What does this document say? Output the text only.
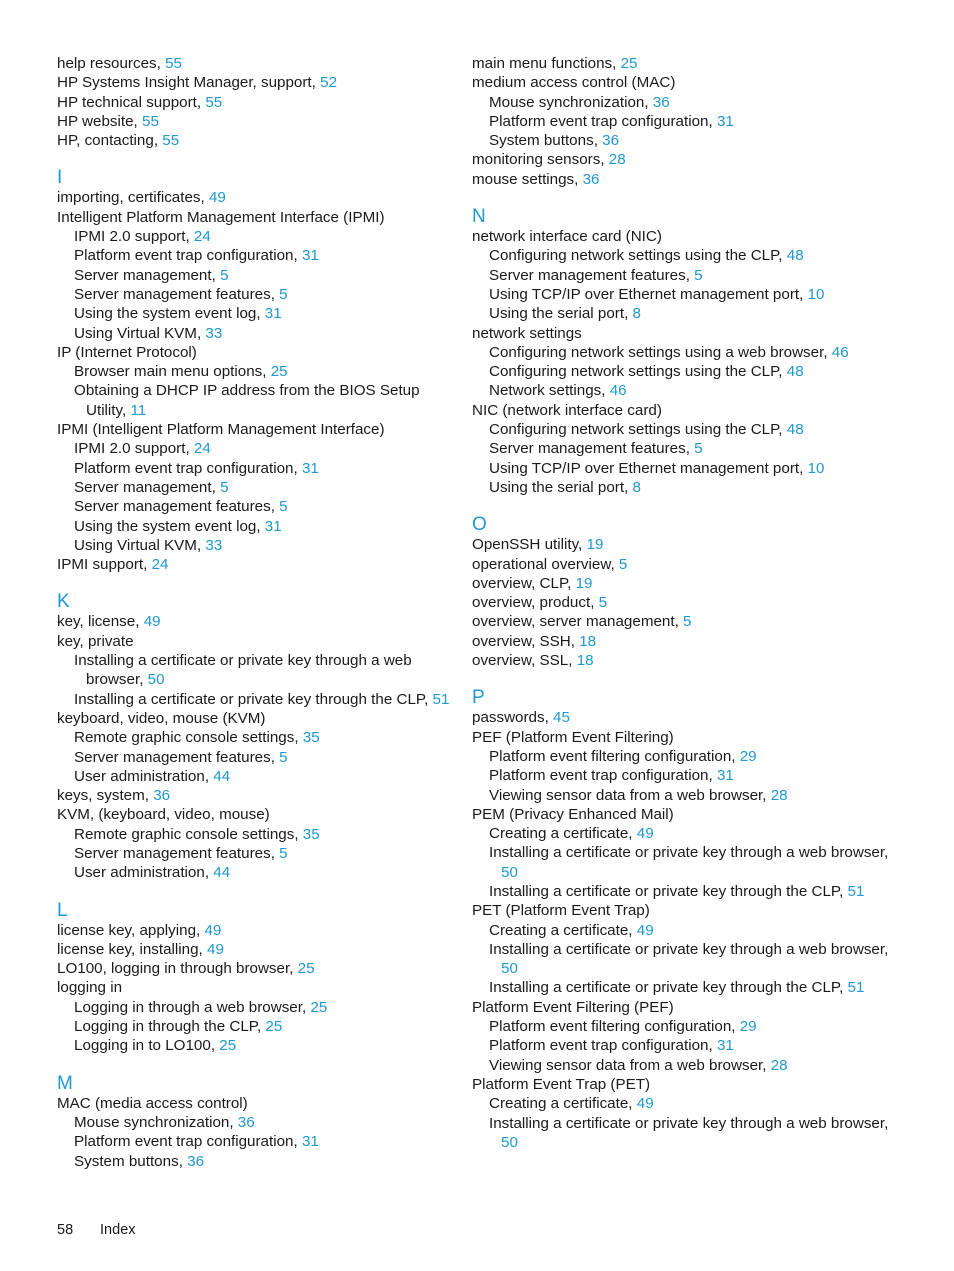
help resources, 55
HP Systems Insight Manager, support, 52
HP technical support, 55
HP website, 55
HP, contacting, 55
I
importing, certificates, 49
Intelligent Platform Management Interface (IPMI)
IPMI 2.0 support, 24
Platform event trap configuration, 31
Server management, 5
Server management features, 5
Using the system event log, 31
Using Virtual KVM, 33
IP (Internet Protocol)
Browser main menu options, 25
Obtaining a DHCP IP address from the BIOS Setup Utility, 11
IPMI (Intelligent Platform Management Interface)
IPMI 2.0 support, 24
Platform event trap configuration, 31
Server management, 5
Server management features, 5
Using the system event log, 31
Using Virtual KVM, 33
IPMI support, 24
K
key, license, 49
key, private
Installing a certificate or private key through a web browser, 50
Installing a certificate or private key through the CLP, 51
keyboard, video, mouse (KVM)
Remote graphic console settings, 35
Server management features, 5
User administration, 44
keys, system, 36
KVM, (keyboard, video, mouse)
Remote graphic console settings, 35
Server management features, 5
User administration, 44
L
license key, applying, 49
license key, installing, 49
LO100, logging in through browser, 25
logging in
Logging in through a web browser, 25
Logging in through the CLP, 25
Logging in to LO100, 25
M
MAC (media access control)
Mouse synchronization, 36
Platform event trap configuration, 31
System buttons, 36
main menu functions, 25
medium access control (MAC)
Mouse synchronization, 36
Platform event trap configuration, 31
System buttons, 36
monitoring sensors, 28
mouse settings, 36
N
network interface card (NIC)
Configuring network settings using the CLP, 48
Server management features, 5
Using TCP/IP over Ethernet management port, 10
Using the serial port, 8
network settings
Configuring network settings using a web browser, 46
Configuring network settings using the CLP, 48
Network settings, 46
NIC (network interface card)
Configuring network settings using the CLP, 48
Server management features, 5
Using TCP/IP over Ethernet management port, 10
Using the serial port, 8
O
OpenSSH utility, 19
operational overview, 5
overview, CLP, 19
overview, product, 5
overview, server management, 5
overview, SSH, 18
overview, SSL, 18
P
passwords, 45
PEF (Platform Event Filtering)
Platform event filtering configuration, 29
Platform event trap configuration, 31
Viewing sensor data from a web browser, 28
PEM (Privacy Enhanced Mail)
Creating a certificate, 49
Installing a certificate or private key through a web browser, 50
Installing a certificate or private key through the CLP, 51
PET (Platform Event Trap)
Creating a certificate, 49
Installing a certificate or private key through a web browser, 50
Installing a certificate or private key through the CLP, 51
Platform Event Filtering (PEF)
Platform event filtering configuration, 29
Platform event trap configuration, 31
Viewing sensor data from a web browser, 28
Platform Event Trap (PET)
Creating a certificate, 49
Installing a certificate or private key through a web browser, 50
58 Index
